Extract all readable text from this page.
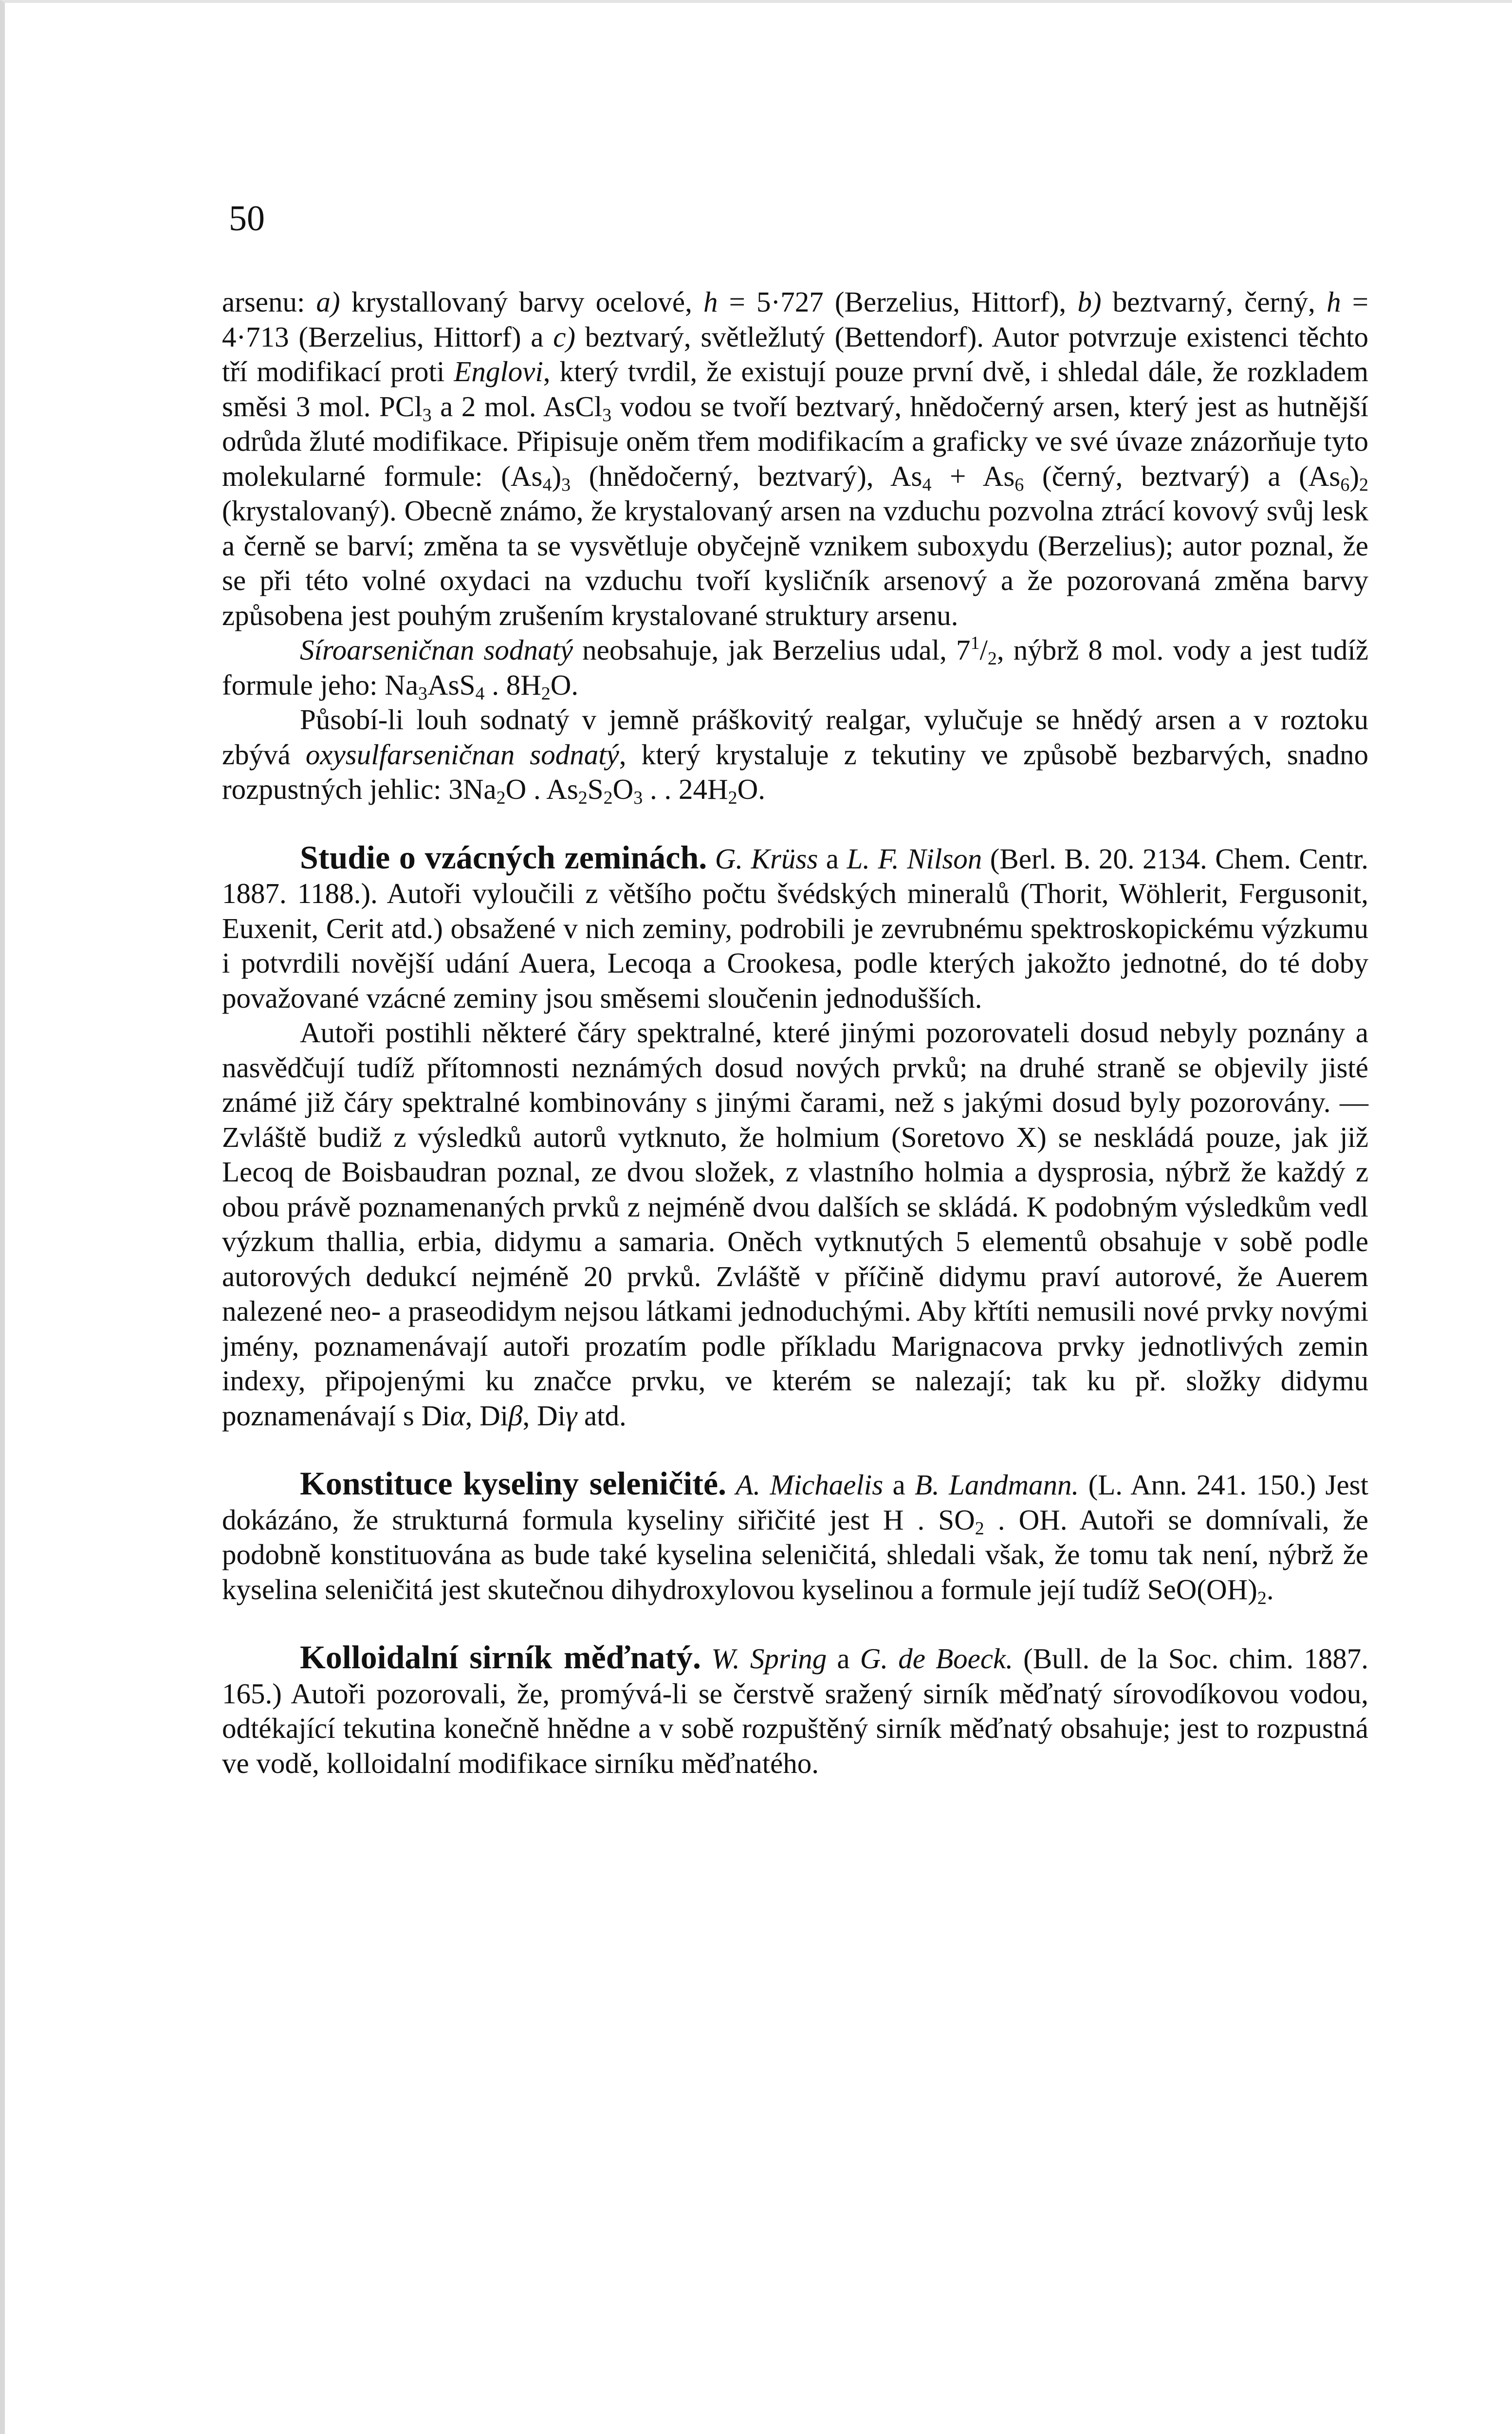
50

arsenu: a) krystallovaný barvy ocelové, h = 5·727 (Berzelius, Hittorf), b) beztvarný, černý, h = 4·713 (Berzelius, Hittorf) a c) beztvarý, světležlutý (Bettendorf). Autor potvrzuje existenci těchto tří modifikací proti Englovi, který tvrdil, že existují pouze první dvě, i shledal dále, že rozkladem směsi 3 mol. PCl$_3$ a 2 mol. AsCl$_3$ vodou se tvoří beztvarý, hnědočerný arsen, který jest as hutnější odrůda žluté modifikace. Připisuje oněm třem modifikacím a graficky ve své úvaze znázorňuje tyto molekularné formule: $(As_4)_3$ (hnědočerný, beztvarý), $As_4 + As_6$ (černý, beztvarý) a $(As_6)_2$ (krystalovaný). Obecně známo, že krystalovaný arsen na vzduchu pozvolna ztrácí kovový svůj lesk a černě se barví; změna ta se vysvětluje obyčejně vznikem suboxydu (Berzelius); autor poznal, že se při této volné oxydaci na vzduchu tvoří kysličník arsenový a že pozorovaná změna barvy způsobena jest pouhým zrušením krystalované struktury arsenu.

Síroarseničnan sodnatý neobsahuje, jak Berzelius udal, $7^1/_2$, nýbrž 8 mol. vody a jest tudíž formule jeho: $Na_3AsS_4$ . $8H_2O$.

Působí-li louh sodnatý v jemně práškovitý realgar, vylučuje se hnědý arsen a v roztoku zbývá oxysulfarseničnan sodnatý, který krystaluje z tekutiny ve způsobě bezbarvých, snadno rozpustných jehlic: $3Na_2O$ . $As_2S_2O_3$ . . $24H_2O$.

Studie o vzácných zeminách. G. Krüss a L. F. Nilson (Berl. B. 20. 2134. Chem. Centr. 1887. 1188.). Autoři vyloučili z většího počtu švédských mineralů (Thorit, Wöhlerit, Fergusonit, Euxenit, Cerit atd.) obsažené v nich zeminy, podrobili je zevrubnému spektroskopickému výzkumu i potvrdili novější udání Auera, Lecoqa a Crookesa, podle kterých jakožto jednotné, do té doby považované vzácné zeminy jsou směsemi sloučenin jednodušších.

Autoři postihli některé čáry spektralné, které jinými pozorovateli dosud nebyly poznány a nasvědčují tudíž přítomnosti neznámých dosud nových prvků; na druhé straně se objevily jisté známé již čáry spektralné kombinovány s jinými čarami, než s jakými dosud byly pozorovány. — Zvláště budiž z výsledků autorů vytknuto, že holmium (Soretovo X) se neskládá pouze, jak již Lecoq de Boisbaudran poznal, ze dvou složek, z vlastního holmia a dysprosia, nýbrž že každý z obou právě poznamenaných prvků z nejméně dvou dalších se skládá. K podobným výsledkům vedl výzkum thallia, erbia, didymu a samaria. Oněch vytknutých 5 elementů obsahuje v sobě podle autorových dedukcí nejméně 20 prvků. Zvláště v příčině didymu praví autorové, že Auerem nalezené neo- a praseodidym nejsou látkami jednoduchými. Aby křtíti nemusili nové prvky novými jmény, poznamenávají autoři prozatím podle příkladu Marignacova prvky jednotlivých zemin indexy, připojenými ku značce prvku, ve kterém se nalezají; tak ku př. složky didymu poznamenávají s Diα, Diβ, Diγ atd.

Konstituce kyseliny seleničité. A. Michaelis a B. Landmann. (L. Ann. 241. 150.) Jest dokázáno, že strukturná formula kyseliny siřičité jest H . $SO_2$ . OH. Autoři se domnívali, že podobně konstituována as bude také kyselina seleničitá, shledali však, že tomu tak není, nýbrž že kyselina seleničitá jest skutečnou dihydroxylovou kyselinou a formule její tudíž $SeO(OH)_2$.

Kolloidalní sirník měďnatý. W. Spring a G. de Boeck. (Bull. de la Soc. chim. 1887. 165.) Autoři pozorovali, že, promývá-li se čerstvě sražený sirník měďnatý sírovodíkovou vodou, odtékající tekutina konečně hnědne a v sobě rozpuštěný sirník měďnatý obsahuje; jest to rozpustná ve vodě, kolloidalní modifikace sirníku měďnatého.
